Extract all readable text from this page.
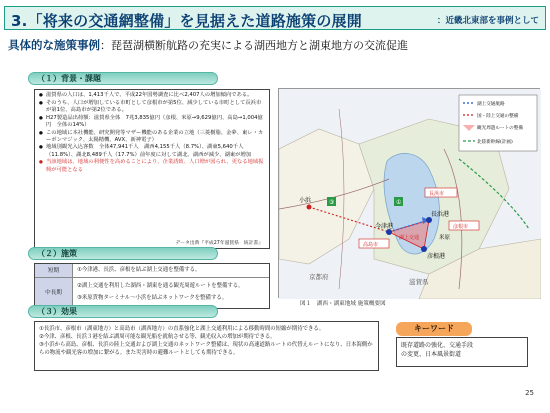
3.「将来の交通網整備」を見据えた道路施策の展開	：近畿北東部を事例として
具体的な施策事例：琵琶湖横断航路の充実による湖西地方と湖東地方の交流促進
（１）背景・課題
● 滋賀県の人口は、1,413千人で、平成22年国勢調査に比べ2,407人の増加傾向である。
● そのうち、人口が増加している市町として彦根市が第5位、減少している市町として長浜市が第1位、高島市が第2位である。
● H27製造品出荷額：滋賀県全体　7兆3,835億円（彦根、米原→9,629億円、高島→1,004億円　全体の14%）
● この地域に本社機能、研究開発等マザー機能のある企業の立地（三菱樹脂、金夢、東レ・カーボンマジック、太陽精機、AVX、新神電子）
● 地域別観光入込客数　全体47,941千人　湖西4,155千人（8.7%）、湖東5,640千人（11.8%）、湖北8,489千人（17.7%）前年度に対して湖北、湖西が減少、湖東が増加
● 当該地域は、地域の利便性を高めることにより、企業誘致、人口増が図られ、更なる地域振興が可能となる
データ出典『平成27年滋賀県　統計書』
（２）施策
短期	①今津港、長浜、彦根を結ぶ湖上交通を整備する。
中長期
②湖上交通を利用した湖西・湖東を通る観光周遊ルートを整備する。
③米原貨物ターミナル～小浜を結ぶネットワークを整備する。
小浜
今津港
長浜港
彦根港
米原
湖上交通
京都府
滋賀県
③	①
長浜市
彦根市
高島市
湖上交通航路
国・陸上交通の整備
観光周遊ルートの整備
北陸新幹線(計画)
図１　湖西・湖東地域 施策概要図
（３）効果

①長浜市、彦根市（湖東地方）と高島市（湖西地方）の直系強化と湖上交通利用による移動時間の短縮が期待できる。

②今津、彦根、長浜３港を結ぶ湖周可能な観光船を就航させる等、観光収入の増加が期待できる。

③小浜から高島、彦根、長浜の陸上交通および湖上交通のネットワーク整備は、現状の高速道路ルートの代替えルートになり、日本海側からの物流や観光客の増加に繋がる。また災害時の避難ルートとしても期待できる。

キーワード

既存道路の強化、交通手段

の変更、日本風景街道

25
